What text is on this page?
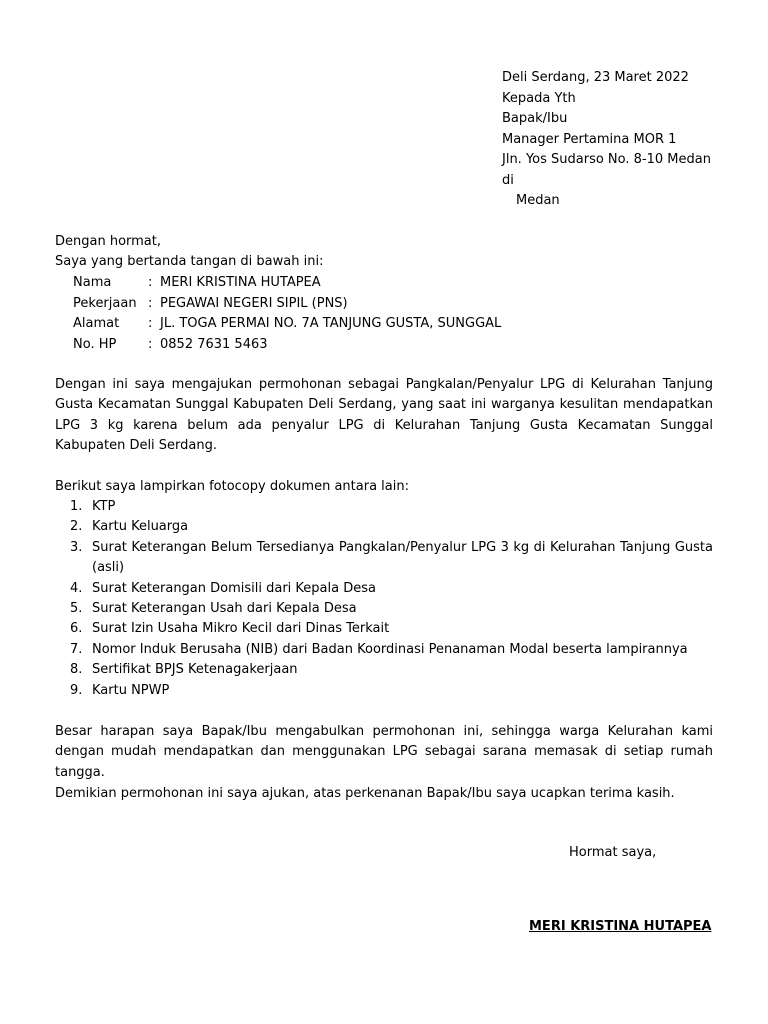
Deli Serdang, 23 Maret 2022
Kepada Yth
Bapak/Ibu
Manager Pertamina MOR 1
Jln. Yos Sudarso No. 8-10 Medan
di
Medan
Dengan hormat,
Saya yang bertanda tangan di bawah ini:
Nama	: MERI KRISTINA HUTAPEA
Pekerjaan : PEGAWAI NEGERI SIPIL (PNS)
Alamat : JL. TOGA PERMAI NO. 7A TANJUNG GUSTA, SUNGGAL
No. HP : 0852 7631 5463
Dengan ini saya mengajukan permohonan sebagai Pangkalan/Penyalur LPG di Kelurahan Tanjung Gusta Kecamatan Sunggal Kabupaten Deli Serdang, yang saat ini warganya kesulitan mendapatkan LPG 3 kg karena belum ada penyalur LPG di Kelurahan Tanjung Gusta Kecamatan Sunggal Kabupaten Deli Serdang.
Berikut saya lampirkan fotocopy dokumen antara lain:
1. KTP
2. Kartu Keluarga
3. Surat Keterangan Belum Tersedianya Pangkalan/Penyalur LPG 3 kg di Kelurahan Tanjung Gusta (asli)
4. Surat Keterangan Domisili dari Kepala Desa
5. Surat Keterangan Usah dari Kepala Desa
6. Surat Izin Usaha Mikro Kecil dari Dinas Terkait
7. Nomor Induk Berusaha (NIB) dari Badan Koordinasi Penanaman Modal beserta lampirannya
8. Sertifikat BPJS Ketenagakerjaan
9. Kartu NPWP
Besar harapan saya Bapak/Ibu mengabulkan permohonan ini, sehingga warga Kelurahan kami dengan mudah mendapatkan dan menggunakan LPG sebagai sarana memasak di setiap rumah tangga.
Demikian permohonan ini saya ajukan, atas perkenanan Bapak/Ibu saya ucapkan terima kasih.
Hormat saya,
MERI KRISTINA HUTAPEA
